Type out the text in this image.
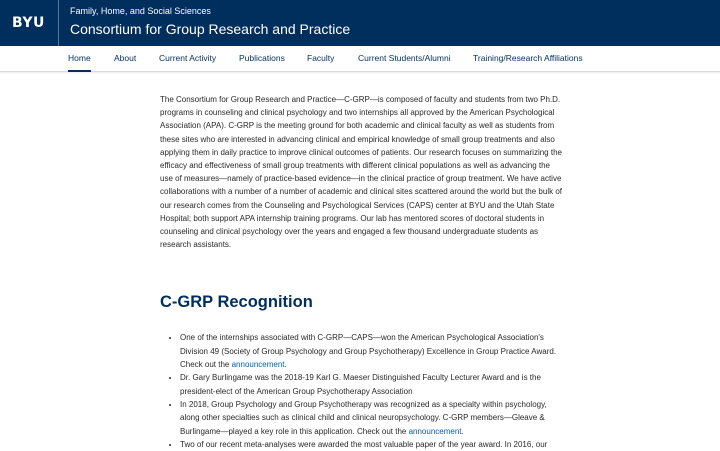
BYU
Family, Home, and Social Sciences
Consortium for Group Research and Practice
Home	About	Current Activity	Publications	Faculty	Current Students/Alumni	Training/Research Affiliations

The Consortium for Group Research and Practice—C-GRP—is composed of faculty and students from two Ph.D. programs in counseling and clinical psychology and two internships all approved by the American Psychological Association (APA). C-GRP is the meeting ground for both academic and clinical faculty as well as students from these sites who are interested in advancing clinical and empirical knowledge of small group treatments and also applying them in daily practice to improve clinical outcomes of patients. Our research focuses on summarizing the efficacy and effectiveness of small group treatments with different clinical populations as well as advancing the use of measures—namely of practice-based evidence—in the clinical practice of group treatment. We have active collaborations with a number of a number of academic and clinical sites scattered around the world but the bulk of our research comes from the Counseling and Psychological Services (CAPS) center at BYU and the Utah State Hospital; both support APA internship training programs. Our lab has mentored scores of doctoral students in counseling and clinical psychology over the years and engaged a few thousand undergraduate students as research assistants.

C-GRP Recognition
• One of the internships associated with C-GRP—CAPS—won the American Psychological Association's Division 49 (Society of Group Psychology and Group Psychotherapy) Excellence in Group Practice Award. Check out the announcement.
• Dr. Gary Burlingame was the 2018-19 Karl G. Maeser Distinguished Faculty Lecturer Award and is the president-elect of the American Group Psychotherapy Association
• In 2018, Group Psychology and Group Psychotherapy was recognized as a specialty within psychology, along other specialties such as clinical child and clinical neuropsychology. C-GRP members—Gleave & Burlingame—played a key role in this application. Check out the announcement.
• Two of our recent meta-analyses were awarded the most valuable paper of the year award. In 2016, our
